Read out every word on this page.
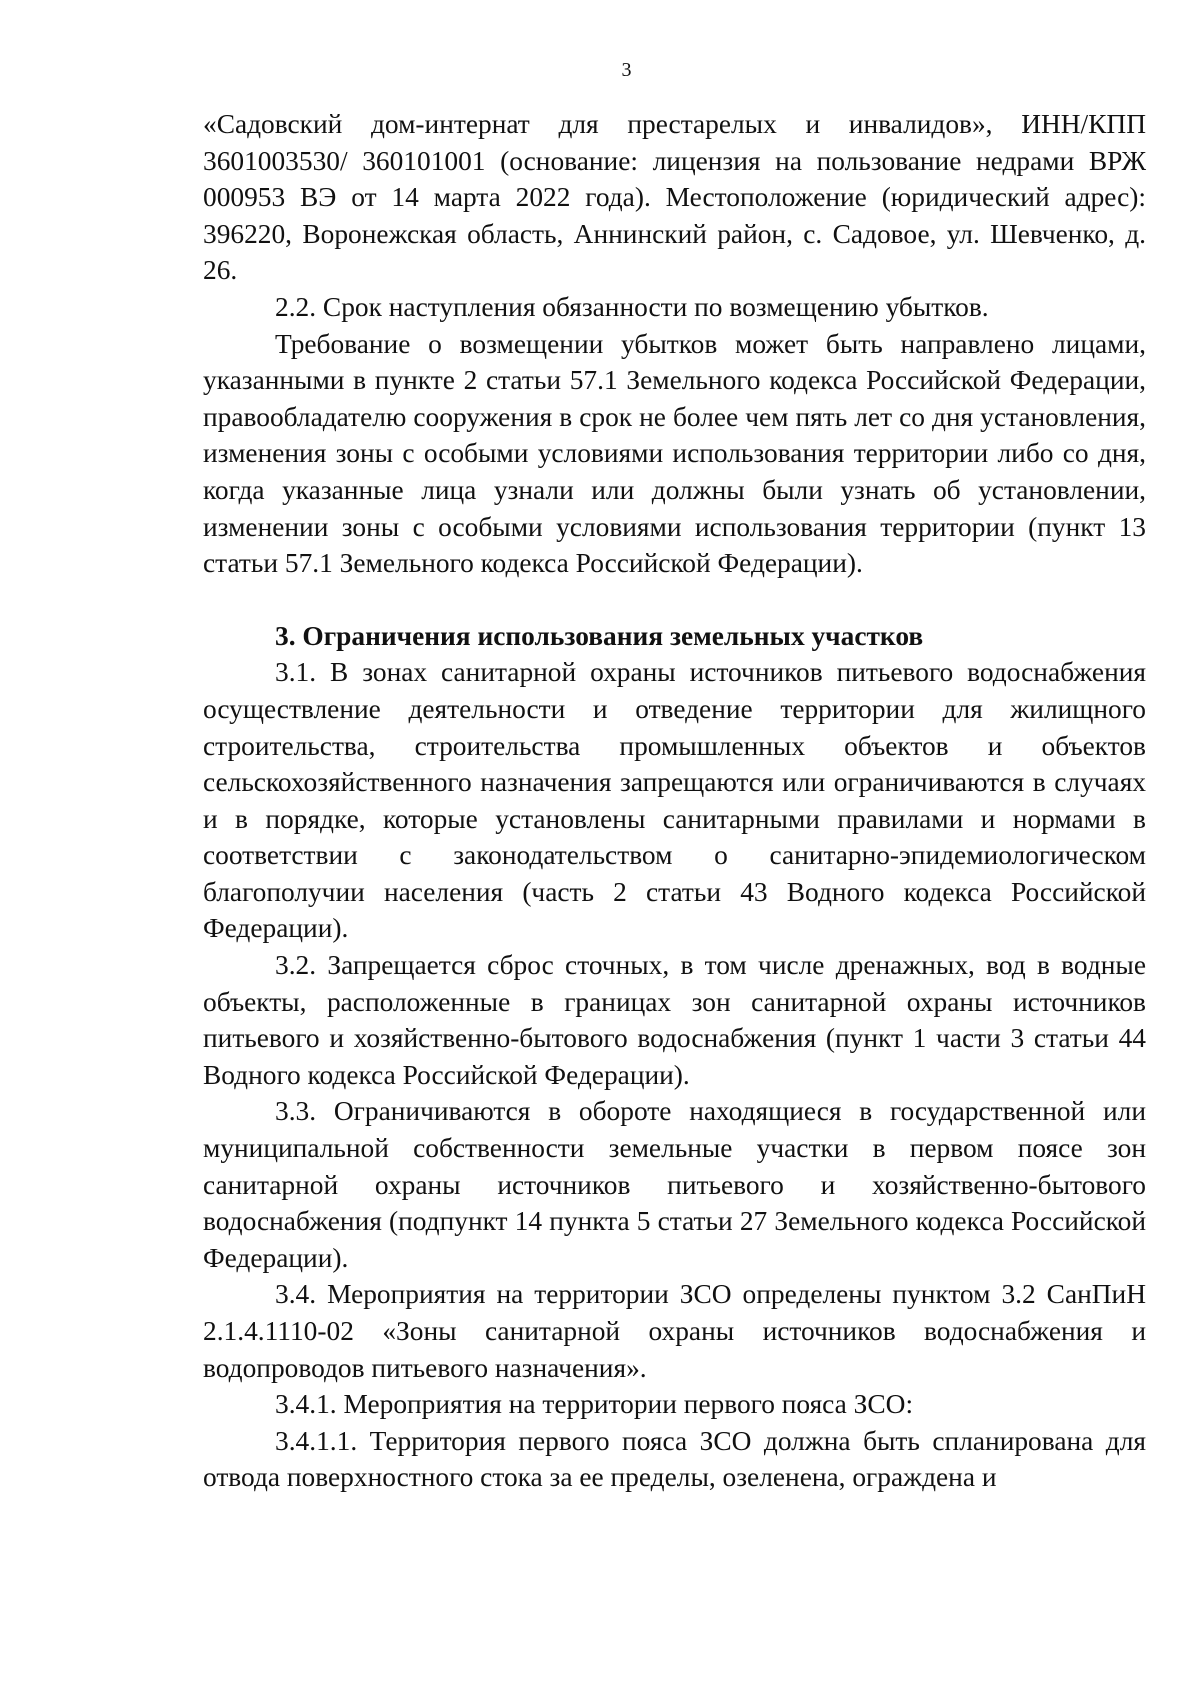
3

«Садовский дом-интернат для престарелых и инвалидов», ИНН/КПП 3601003530/ 360101001 (основание: лицензия на пользование недрами ВРЖ 000953 ВЭ от 14 марта 2022 года). Местоположение (юридический адрес): 396220, Воронежская область, Аннинский район, с. Садовое, ул. Шевченко, д. 26.

2.2. Срок наступления обязанности по возмещению убытков.

Требование о возмещении убытков может быть направлено лицами, указанными в пункте 2 статьи 57.1 Земельного кодекса Российской Федерации, правообладателю сооружения в срок не более чем пять лет со дня установления, изменения зоны с особыми условиями использования территории либо со дня, когда указанные лица узнали или должны были узнать об установлении, изменении зоны с особыми условиями использования территории (пункт 13 статьи 57.1 Земельного кодекса Российской Федерации).

3. Ограничения использования земельных участков

3.1. В зонах санитарной охраны источников питьевого водоснабжения осуществление деятельности и отведение территории для жилищного строительства, строительства промышленных объектов и объектов сельскохозяйственного назначения запрещаются или ограничиваются в случаях и в порядке, которые установлены санитарными правилами и нормами в соответствии с законодательством о санитарно-эпидемиологическом благополучии населения (часть 2 статьи 43 Водного кодекса Российской Федерации).

3.2. Запрещается сброс сточных, в том числе дренажных, вод в водные объекты, расположенные в границах зон санитарной охраны источников питьевого и хозяйственно-бытового водоснабжения (пункт 1 части 3 статьи 44 Водного кодекса Российской Федерации).

3.3. Ограничиваются в обороте находящиеся в государственной или муниципальной собственности земельные участки в первом поясе зон санитарной охраны источников питьевого и хозяйственно-бытового водоснабжения (подпункт 14 пункта 5 статьи 27 Земельного кодекса Российской Федерации).

3.4. Мероприятия на территории ЗСО определены пунктом 3.2 СанПиН 2.1.4.1110-02 «Зоны санитарной охраны источников водоснабжения и водопроводов питьевого назначения».

3.4.1. Мероприятия на территории первого пояса ЗСО:

3.4.1.1. Территория первого пояса ЗСО должна быть спланирована для отвода поверхностного стока за ее пределы, озеленена, ограждена и
